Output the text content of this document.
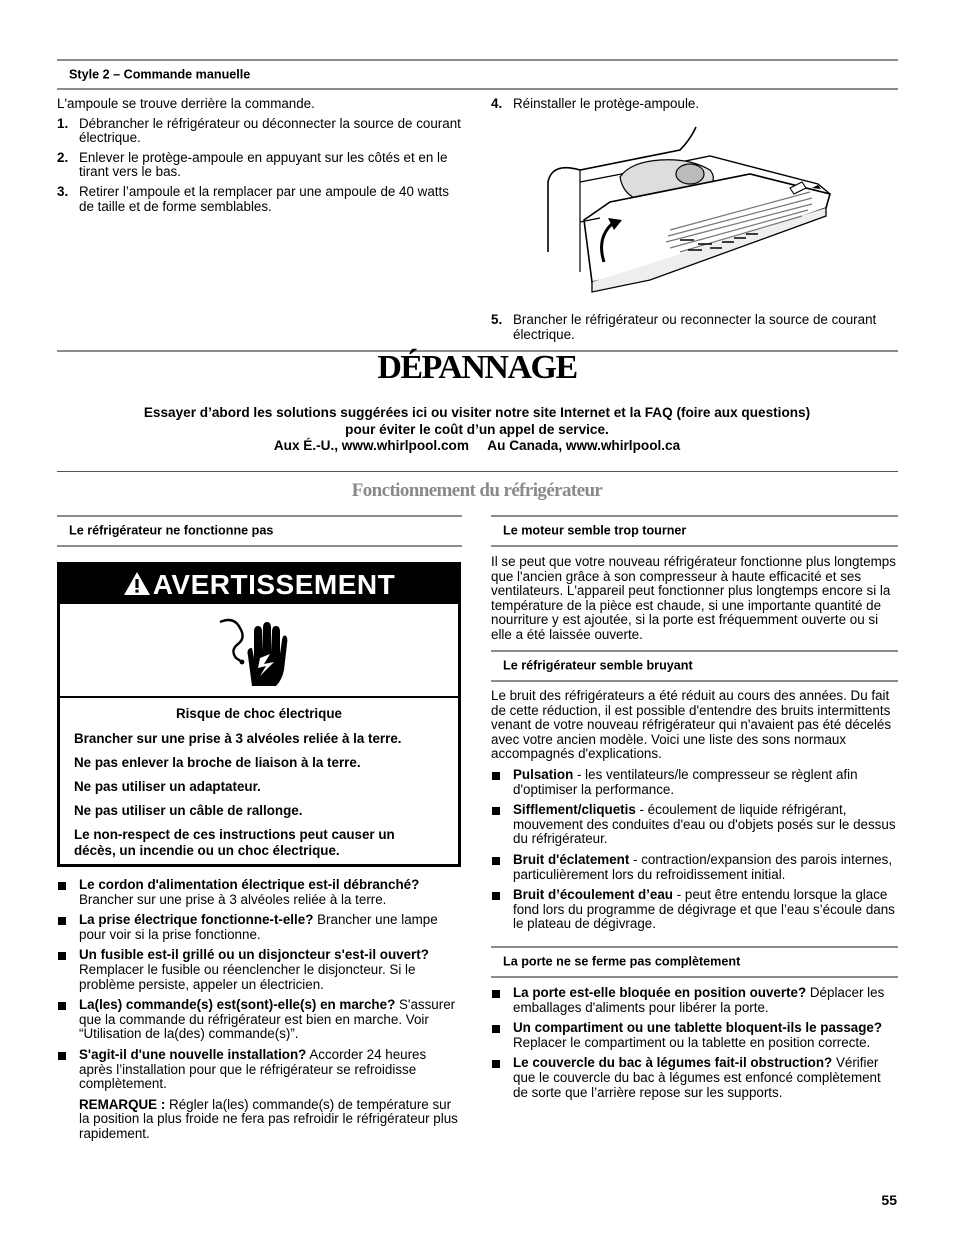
Style 2 – Commande manuelle

L'ampoule se trouve derrière la commande.

1. Débrancher le réfrigérateur ou déconnecter la source de courant électrique.
2. Enlever le protège-ampoule en appuyant sur les côtés et en le tirant vers le bas.
3. Retirer l’ampoule et la remplacer par une ampoule de 40 watts de taille et de forme semblables.
4. Réinstaller le protège-ampoule.
5. Brancher le réfrigérateur ou reconnecter la source de courant électrique.
DÉPANNAGE
Essayer d’abord les solutions suggérées ici ou visiter notre site Internet et la FAQ (foire aux questions)
pour éviter le coût d’un appel de service.
Aux É.-U., www.whirlpool.com     Au Canada, www.whirlpool.ca
Fonctionnement du réfrigérateur
Le réfrigérateur ne fonctionne pas
AVERTISSEMENT

Risque de choc électrique

Brancher sur une prise à 3 alvéoles reliée à la terre.

Ne pas enlever la broche de liaison à la terre.

Ne pas utiliser un adaptateur.

Ne pas utiliser un câble de rallonge.

Le non-respect de ces instructions peut causer un décès, un incendie ou un choc électrique.

Le cordon d'alimentation électrique est-il débranché? Brancher sur une prise à 3 alvéoles reliée à la terre.
La prise électrique fonctionne-t-elle? Brancher une lampe pour voir si la prise fonctionne.
Un fusible est-il grillé ou un disjoncteur s'est-il ouvert? Remplacer le fusible ou réenclencher le disjoncteur. Si le problème persiste, appeler un électricien.
La(les) commande(s) est(sont)-elle(s) en marche? S'assurer que la commande du réfrigérateur est bien en marche. Voir “Utilisation de la(des) commande(s)”.
S'agit-il d'une nouvelle installation? Accorder 24 heures après l’installation pour que le réfrigérateur se refroidisse complètement.
REMARQUE : Régler la(les) commande(s) de température sur la position la plus froide ne fera pas refroidir le réfrigérateur plus rapidement.
Le moteur semble trop tourner

Il se peut que votre nouveau réfrigérateur fonctionne plus longtemps que l'ancien grâce à son compresseur à haute efficacité et ses ventilateurs. L'appareil peut fonctionner plus longtemps encore si la température de la pièce est chaude, si une importante quantité de nourriture y est ajoutée, si la porte est fréquemment ouverte ou si elle a été laissée ouverte.

Le réfrigérateur semble bruyant

Le bruit des réfrigérateurs a été réduit au cours des années. Du fait de cette réduction, il est possible d'entendre des bruits intermittents venant de votre nouveau réfrigérateur qui n'avaient pas été décelés avec votre ancien modèle. Voici une liste des sons normaux accompagnés d'explications.

Pulsation - les ventilateurs/le compresseur se règlent afin d'optimiser la performance.
Sifflement/cliquetis - écoulement de liquide réfrigérant, mouvement des conduites d'eau ou d'objets posés sur le dessus du réfrigérateur.
Bruit d'éclatement - contraction/expansion des parois internes, particulièrement lors du refroidissement initial.
Bruit d’écoulement d’eau - peut être entendu lorsque la glace fond lors du programme de dégivrage et que l’eau s’écoule dans le plateau de dégivrage.
La porte ne se ferme pas complètement
La porte est-elle bloquée en position ouverte? Déplacer les emballages d'aliments pour libérer la porte.
Un compartiment ou une tablette bloquent-ils le passage? Replacer le compartiment ou la tablette en position correcte.
Le couvercle du bac à légumes fait-il obstruction? Vérifier que le couvercle du bac à légumes est enfoncé complètement de sorte que l’arrière repose sur les supports.
55
